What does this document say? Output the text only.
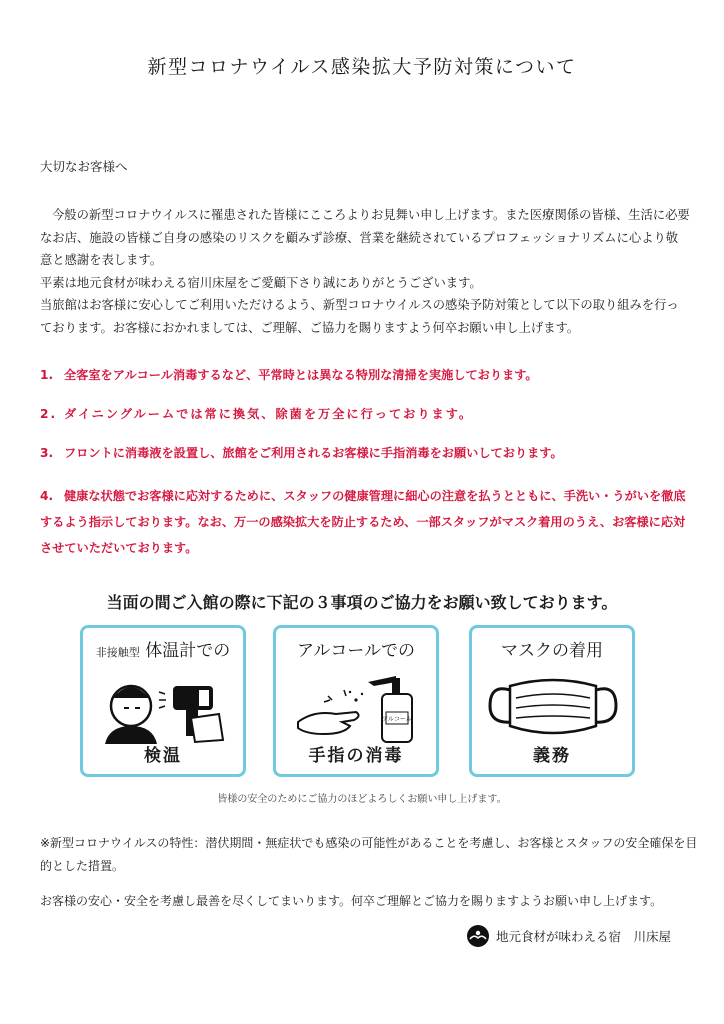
新型コロナウイルス感染拡大予防対策について
大切なお客様へ

今般の新型コロナウイルスに罹患された皆様にこころよりお見舞い申し上げます。また医療関係の皆様、生活に必要なお店、施設の皆様ご自身の感染のリスクを顧みず診療、営業を継続されているプロフェッショナリズムに心より敬意と感謝を表します。

平素は地元食材が味わえる宿川床屋をご愛顧下さり誠にありがとうございます。

当旅館はお客様に安心してご利用いただけるよう、新型コロナウイルスの感染予防対策として以下の取り組みを行っております。お客様におかれましては、ご理解、ご協力を賜りますよう何卒お願い申し上げます。

1. 全客室をアルコール消毒するなど、平常時とは異なる特別な清掃を実施しております。
2. ダイニングルームでは常に換気、除菌を万全に行っております。
3. フロントに消毒液を設置し、旅館をご利用されるお客様に手指消毒をお願いしております。
4. 健康な状態でお客様に応対するために、スタッフの健康管理に細心の注意を払うとともに、手洗い・うがいを徹底するよう指示しております。なお、万一の感染拡大を防止するため、一部スタッフがマスク着用のうえ、お客様に応対させていただいております。
当面の間ご入館の際に下記の３事項のご協力をお願い致しております。
非接触型 体温計での
検温
アルコールでの
アルコール
手指の消毒
マスクの着用
義務
皆様の安全のためにご協力のほどよろしくお願い申し上げます。
※新型コロナウイルスの特性：潜伏期間・無症状でも感染の可能性があることを考慮し、お客様とスタッフの安全確保を目的とした措置。
お客様の安心・安全を考慮し最善を尽くしてまいります。何卒ご理解とご協力を賜りますようお願い申し上げます。
地元食材が味わえる宿　川床屋
